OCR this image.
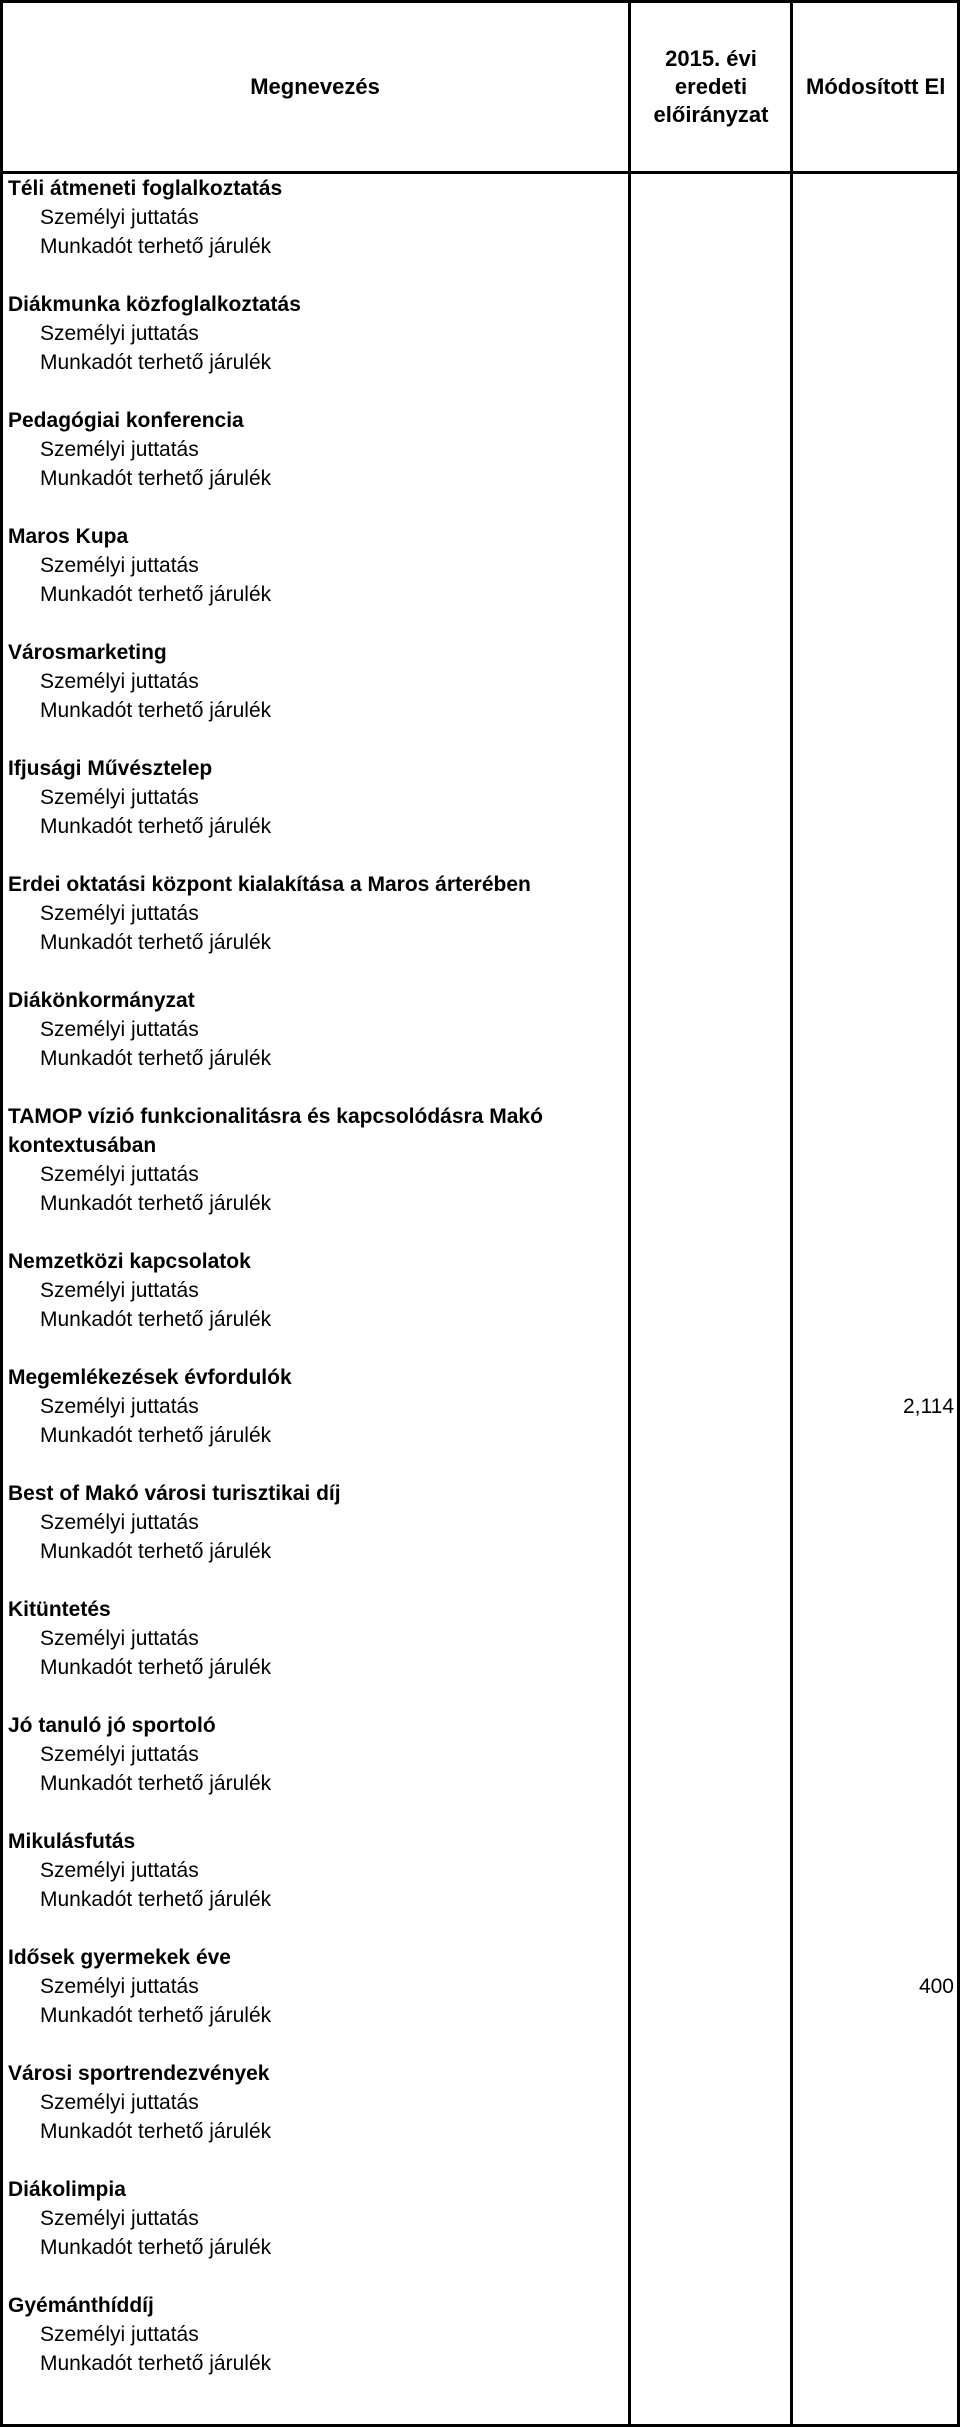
Megnevezés
2015. évi
eredeti
előirányzat
Módosított El
Téli átmeneti foglalkoztatás
Személyi juttatás
Munkadót terhető járulék
Diákmunka közfoglalkoztatás
Személyi juttatás
Munkadót terhető járulék
Pedagógiai konferencia
Személyi juttatás
Munkadót terhető járulék
Maros Kupa
Személyi juttatás
Munkadót terhető járulék
Városmarketing
Személyi juttatás
Munkadót terhető járulék
Ifjusági Művésztelep
Személyi juttatás
Munkadót terhető járulék
Erdei oktatási központ kialakítása a Maros árterében
Személyi juttatás
Munkadót terhető járulék
Diákönkormányzat
Személyi juttatás
Munkadót terhető járulék
TAMOP vízió funkcionalitásra és kapcsolódásra Makó kontextusában
Személyi juttatás
Munkadót terhető járulék
Nemzetközi kapcsolatok
Személyi juttatás
Munkadót terhető járulék
Megemlékezések évfordulók
Személyi juttatás	2,114
Munkadót terhető járulék
Best of Makó városi turisztikai díj
Személyi juttatás
Munkadót terhető járulék
Kitüntetés
Személyi juttatás
Munkadót terhető járulék
Jó tanuló jó sportoló
Személyi juttatás
Munkadót terhető járulék
Mikulásfutás
Személyi juttatás
Munkadót terhető járulék
Idősek gyermekek éve
Személyi juttatás	400
Munkadót terhető járulék
Városi sportrendezvények
Személyi juttatás
Munkadót terhető járulék
Diákolimpia
Személyi juttatás
Munkadót terhető járulék
Gyémánthíddíj
Személyi juttatás
Munkadót terhető járulék
